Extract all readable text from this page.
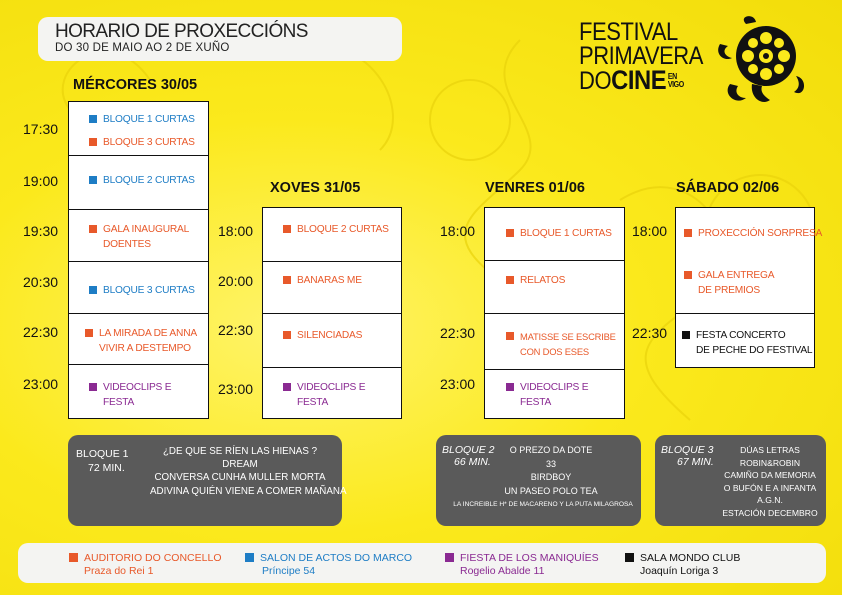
HORARIO DE PROXECCIÓNS
DO 30 DE MAIO AO 2 DE XUÑO
FESTIVAL
PRIMAVERA
DOCINE EN
VIGO
MÉRCORES 30/05
17:30
19:00
19:30
20:30
22:30
23:00
BLOQUE 1 CURTAS
BLOQUE 3 CURTAS
BLOQUE 2 CURTAS
GALA INAUGURAL
DOENTES
BLOQUE 3 CURTAS
LA MIRADA DE ANNA
VIVIR A DESTEMPO
VIDEOCLIPS E
FESTA
XOVES 31/05
18:00
20:00
22:30
23:00
BLOQUE 2 CURTAS
BANARAS ME
SILENCIADAS
VIDEOCLIPS E
FESTA
VENRES 01/06
18:00
22:30
23:00
BLOQUE 1 CURTAS
RELATOS
MATISSE SE ESCRIBE
CON DOS ESES
VIDEOCLIPS E
FESTA
SÁBADO 02/06
18:00
22:30
PROXECCIÓN SORPRESA
GALA ENTREGA
DE PREMIOS
FESTA CONCERTO
DE PECHE DO FESTIVAL
BLOQUE 1
72 MIN.
¿DE QUE SE RÍEN LAS HIENAS ?
DREAM
CONVERSA CUNHA MULLER MORTA
ADIVINA QUIÉN VIENE A COMER MAÑANA
BLOQUE 2
66 MIN.
O PREZO DA DOTE
33
BIRDBOY
UN PASEO POLO TEA
LA INCREIBLE H* DE MACARENO Y LA PUTA MILAGROSA
BLOQUE 3
67 MIN.
DÚAS LETRAS
ROBIN&ROBIN
CAMIÑO DA MEMORIA
O BUFÓN E A INFANTA
A.G.N.
ESTACIÓN DECEMBRO
AUDITORIO DO CONCELLO
Praza do Rei 1
SALON DE ACTOS DO MARCO
Príncipe 54
FIESTA DE LOS MANIQUÍES
Rogelio Abalde 11
SALA MONDO CLUB
Joaquín Loriga 3
